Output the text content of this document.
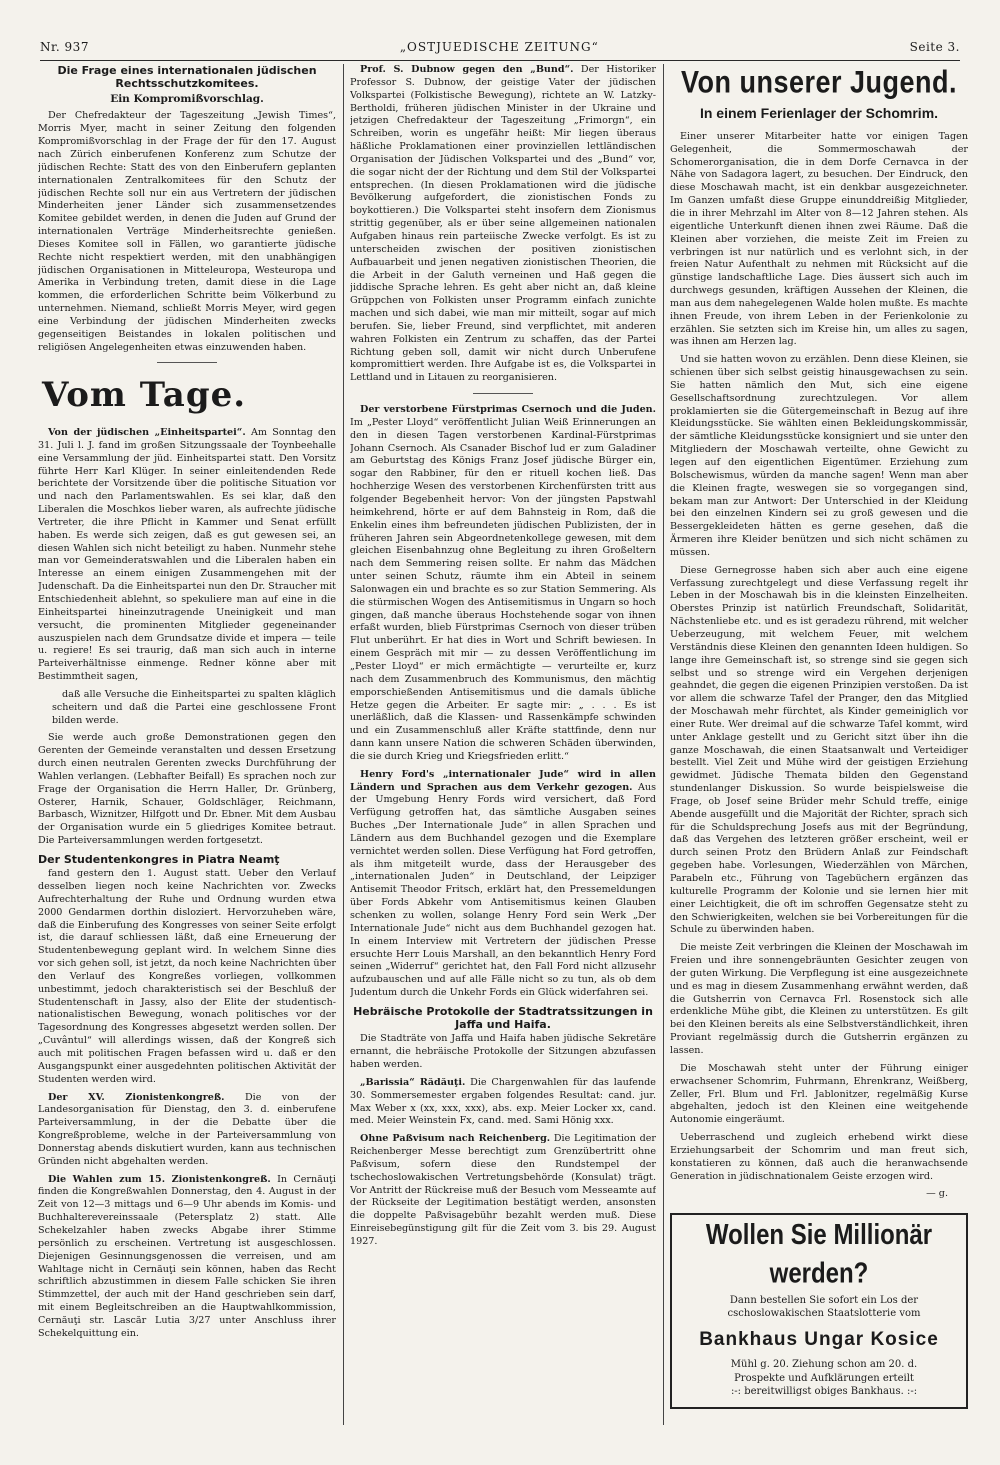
Nr. 937	„OSTJUEDISCHE ZEITUNG“	Seite 3.
Die Frage eines internationalen jüdischen Rechtsschutzkomitees.
Ein Kompromißvorschlag.

Der Chefredakteur der Tageszeitung „Jewish Times“, Morris Myer, macht in seiner Zeitung den folgenden Kompromißvorschlag in der Frage der für den 17. August nach Zürich einberufenen Konferenz zum Schutze der jüdischen Rechte: Statt des von den Einberufern geplanten internationalen Zentralkomitees für den Schutz der jüdischen Rechte soll nur ein aus Vertretern der jüdischen Minderheiten jener Länder sich zusammensetzendes Komitee gebildet werden, in denen die Juden auf Grund der internationalen Verträge Minderheitsrechte genießen. Dieses Komitee soll in Fällen, wo garantierte jüdische Rechte nicht respektiert werden, mit den unabhängigen jüdischen Organisationen in Mitteleuropa, Westeuropa und Amerika in Verbindung treten, damit diese in die Lage kommen, die erforderlichen Schritte beim Völkerbund zu unternehmen. Niemand, schließt Morris Meyer, wird gegen eine Verbindung der jüdischen Minderheiten zwecks gegenseitigen Beistandes in lokalen politischen und religiösen Angelegenheiten etwas einzuwenden haben.

Vom Tage.

Von der jüdischen „Einheitspartei“. Am Sonntag den 31. Juli l. J. fand im großen Sitzungssaale der Toynbeehalle eine Versammlung der jüd. Einheitspartei statt. Den Vorsitz führte Herr Karl Klüger. In seiner einleitendenden Rede berichtete der Vorsitzende über die politische Situation vor und nach den Parlamentswahlen. Es sei klar, daß den Liberalen die Moschkos lieber waren, als aufrechte jüdische Vertreter, die ihre Pflicht in Kammer und Senat erfüllt haben. Es werde sich zeigen, daß es gut gewesen sei, an diesen Wahlen sich nicht beteiligt zu haben. Nunmehr stehe man vor Gemeinderatswahlen und die Liberalen haben ein Interesse an einem einigen Zusammengehen mit der Judenschaft. Da die Einheitspartei nun den Dr. Straucher mit Entschiedenheit ablehnt, so spekuliere man auf eine in die Einheitspartei hineinzutragende Uneinigkeit und man versucht, die prominenten Mitglieder gegeneinander auszuspielen nach dem Grundsatze divide et impera — teile u. regiere! Es sei traurig, daß man sich auch in interne Parteiverhältnisse einmenge. Redner könne aber mit Bestimmtheit sagen,

daß alle Versuche die Einheitspartei zu spalten kläglich scheitern und daß die Partei eine geschlossene Front bilden werde.

Sie werde auch große Demonstrationen gegen den Gerenten der Gemeinde veranstalten und dessen Ersetzung durch einen neutralen Gerenten zwecks Durchführung der Wahlen verlangen. (Lebhafter Beifall) Es sprachen noch zur Frage der Organisation die Herrn Haller, Dr. Grünberg, Osterer, Harnik, Schauer, Goldschläger, Reichmann, Barbasch, Wiznitzer, Hilfgott und Dr. Ebner. Mit dem Ausbau der Organisation wurde ein 5 gliedriges Komitee betraut. Die Parteiversammlungen werden fortgesetzt.

Der Studentenkongres in Piatra Neamţ

fand gestern den 1. August statt. Ueber den Verlauf desselben liegen noch keine Nachrichten vor. Zwecks Aufrechterhaltung der Ruhe und Ordnung wurden etwa 2000 Gendarmen dorthin disloziert. Hervorzuheben wäre, daß die Einberufung des Kongresses von seiner Seite erfolgt ist, die darauf schliessen läßt, daß eine Erneuerung der Studentenbewegung geplant wird. In welchem Sinne dies vor sich gehen soll, ist jetzt, da noch keine Nachrichten über den Verlauf des Kongreßes vorliegen, vollkommen unbestimmt, jedoch charakteristisch sei der Beschluß der Studentenschaft in Jassy, also der Elite der studentisch-nationalistischen Bewegung, wonach politisches vor der Tagesordnung des Kongresses abgesetzt werden sollen. Der „Cuvântul“ will allerdings wissen, daß der Kongreß sich auch mit politischen Fragen befassen wird u. daß er den Ausgangspunkt einer ausgedehnten politischen Aktivität der Studenten werden wird.

Der XV. Zionistenkongreß. Die von der Landesorganisation für Dienstag, den 3. d. einberufene Parteiversammlung, in der die Debatte über die Kongreßprobleme, welche in der Parteiversammlung von Donnerstag abends diskutiert wurden, kann aus technischen Gründen nicht abgehalten werden.

Die Wahlen zum 15. Zionistenkongreß. In Cernăuţi finden die Kongreßwahlen Donnerstag, den 4. August in der Zeit von 12—3 mittags und 6—9 Uhr abends im Komis- und Buchhalterevereinssaale (Petersplatz 2) statt. Alle Schekelzahler haben zwecks Abgabe ihrer Stimme persönlich zu erscheinen. Vertretung ist ausgeschlossen. Diejenigen Gesinnungsgenossen die verreisen, und am Wahltage nicht in Cernăuţi sein können, haben das Recht schriftlich abzustimmen in diesem Falle schicken Sie ihren Stimmzettel, der auch mit der Hand geschrieben sein darf, mit einem Begleitschreiben an die Hauptwahlkommission, Cernăuţi str. Lascăr Lutia 3/27 unter Anschluss ihrer Schekelquittung ein.

Prof. S. Dubnow gegen den „Bund“. Der Historiker Professor S. Dubnow, der geistige Vater der jüdischen Volkspartei (Folkistische Bewegung), richtete an W. Latzky-Bertholdi, früheren jüdischen Minister in der Ukraine und jetzigen Chefredakteur der Tageszeitung „Frimorgn“, ein Schreiben, worin es ungefähr heißt: Mir liegen überaus häßliche Proklamationen einer provinziellen lettländischen Organisation der Jüdischen Volkspartei und des „Bund“ vor, die sogar nicht der der Richtung und dem Stil der Volkspartei entsprechen. (In diesen Proklamationen wird die jüdische Bevölkerung aufgefordert, die zionistischen Fonds zu boykottieren.) Die Volkspartei steht insofern dem Zionismus strittig gegenüber, als er über seine allgemeinen nationalen Aufgaben hinaus rein parteiische Zwecke verfolgt. Es ist zu unterscheiden zwischen der positiven zionistischen Aufbauarbeit und jenen negativen zionistischen Theorien, die die Arbeit in der Galuth verneinen und Haß gegen die jiddische Sprache lehren. Es geht aber nicht an, daß kleine Grüppchen von Folkisten unser Programm einfach zunichte machen und sich dabei, wie man mir mitteilt, sogar auf mich berufen. Sie, lieber Freund, sind verpflichtet, mit anderen wahren Folkisten ein Zentrum zu schaffen, das der Partei Richtung geben soll, damit wir nicht durch Unberufene kompromittiert werden. Ihre Aufgabe ist es, die Volkspartei in Lettland und in Litauen zu reorganisieren.

Der verstorbene Fürstprimas Csernoch und die Juden. Im „Pester Lloyd“ veröffentlicht Julian Weiß Erinnerungen an den in diesen Tagen verstorbenen Kardinal-Fürstprimas Johann Csernoch. Als Csanader Bischof lud er zum Galadiner am Geburtstag des Königs Franz Josef jüdische Bürger ein, sogar den Rabbiner, für den er rituell kochen ließ. Das hochherzige Wesen des verstorbenen Kirchenfürsten tritt aus folgender Begebenheit hervor: Von der jüngsten Papstwahl heimkehrend, hörte er auf dem Bahnsteig in Rom, daß die Enkelin eines ihm befreundeten jüdischen Publizisten, der in früheren Jahren sein Abgeordnetenkollege gewesen, mit dem gleichen Eisenbahnzug ohne Begleitung zu ihren Großeltern nach dem Semmering reisen sollte. Er nahm das Mädchen unter seinen Schutz, räumte ihm ein Abteil in seinem Salonwagen ein und brachte es so zur Station Semmering. Als die stürmischen Wogen des Antisemitismus in Ungarn so hoch gingen, daß manche überaus Hochstehende sogar von ihnen erfaßt wurden, blieb Fürstprimas Csernoch von dieser trüben Flut unberührt. Er hat dies in Wort und Schrift bewiesen. In einem Gespräch mit mir — zu dessen Veröffentlichung im „Pester Lloyd“ er mich ermächtigte — verurteilte er, kurz nach dem Zusammenbruch des Kommunismus, den mächtig emporschießenden Antisemitismus und die damals übliche Hetze gegen die Arbeiter. Er sagte mir: „ . . . Es ist unerläßlich, daß die Klassen- und Rassenkämpfe schwinden und ein Zusammenschluß aller Kräfte stattfinde, denn nur dann kann unsere Nation die schweren Schäden überwinden, die sie durch Krieg und Kriegsfrieden erlitt.“

Henry Ford's „internationaler Jude“ wird in allen Ländern und Sprachen aus dem Verkehr gezogen. Aus der Umgebung Henry Fords wird versichert, daß Ford Verfügung getroffen hat, das sämtliche Ausgaben seines Buches „Der Internationale Jude“ in allen Sprachen und Ländern aus dem Buchhandel gezogen und die Exemplare vernichtet werden sollen. Diese Verfügung hat Ford getroffen, als ihm mitgeteilt wurde, dass der Herausgeber des „internationalen Juden“ in Deutschland, der Leipziger Antisemit Theodor Fritsch, erklärt hat, den Pressemeldungen über Fords Abkehr vom Antisemitismus keinen Glauben schenken zu wollen, solange Henry Ford sein Werk „Der Internationale Jude“ nicht aus dem Buchhandel gezogen hat. In einem Interview mit Vertretern der jüdischen Presse ersuchte Herr Louis Marshall, an den bekanntlich Henry Ford seinen „Widerruf“ gerichtet hat, den Fall Ford nicht allzusehr aufzubauschen und auf alle Fälle nicht so zu tun, als ob dem Judentum durch die Unkehr Fords ein Glück widerfahren sei.

Hebräische Protokolle der Stadtratssitzungen in Jaffa und Haifa.

Die Stadträte von Jaffa und Haifa haben jüdische Sekretäre ernannt, die hebräische Protokolle der Sitzungen abzufassen haben werden.

„Barissia“ Rădăuţi. Die Chargenwahlen für das laufende 30. Sommersemester ergaben folgendes Resultat: cand. jur. Max Weber x (xx, xxx, xxx), abs. exp. Meier Locker xx, cand. med. Meier Weinstein Fx, cand. med. Sami Hönig xxx.

Ohne Paßvisum nach Reichenberg. Die Legitimation der Reichenberger Messe berechtigt zum Grenzübertritt ohne Paßvisum, sofern diese den Rundstempel der tschechoslowakischen Vertretungsbehörde (Konsulat) trägt. Vor Antritt der Rückreise muß der Besuch vom Messeamte auf der Rückseite der Legitimation bestätigt werden, ansonsten die doppelte Paßvisagebühr bezahlt werden muß. Diese Einreisebegünstigung gilt für die Zeit vom 3. bis 29. August 1927.

Von unserer Jugend.
In einem Ferienlager der Schomrim.

Einer unserer Mitarbeiter hatte vor einigen Tagen Gelegenheit, die Sommermoschawah der Schomerorganisation, die in dem Dorfe Cernavca in der Nähe von Sadagora lagert, zu besuchen. Der Eindruck, den diese Moschawah macht, ist ein denkbar ausgezeichneter. Im Ganzen umfaßt diese Gruppe einunddreißig Mitglieder, die in ihrer Mehrzahl im Alter von 8—12 Jahren stehen. Als eigentliche Unterkunft dienen ihnen zwei Räume. Daß die Kleinen aber vorziehen, die meiste Zeit im Freien zu verbringen ist nur natürlich und es verlohnt sich, in der freien Natur Aufenthalt zu nehmen mit Rücksicht auf die günstige landschaftliche Lage. Dies äussert sich auch im durchwegs gesunden, kräftigen Aussehen der Kleinen, die man aus dem nahegelegenen Walde holen mußte. Es machte ihnen Freude, von ihrem Leben in der Ferienkolonie zu erzählen. Sie setzten sich im Kreise hin, um alles zu sagen, was ihnen am Herzen lag.

Und sie hatten wovon zu erzählen. Denn diese Kleinen, sie schienen über sich selbst geistig hinausgewachsen zu sein. Sie hatten nämlich den Mut, sich eine eigene Gesellschaftsordnung zurechtzulegen. Vor allem proklamierten sie die Gütergemeinschaft in Bezug auf ihre Kleidungsstücke. Sie wählten einen Bekleidungskommissär, der sämtliche Kleidungsstücke konsigniert und sie unter den Mitgliedern der Moschawah verteilte, ohne Gewicht zu legen auf den eigentlichen Eigentümer. Erziehung zum Bolschewismus, würden da manche sagen! Wenn man aber die Kleinen fragte, weswegen sie so vorgegangen sind, bekam man zur Antwort: Der Unterschied in der Kleidung bei den einzelnen Kindern sei zu groß gewesen und die Bessergekleideten hätten es gerne gesehen, daß die Ärmeren ihre Kleider benützen und sich nicht schämen zu müssen.

Diese Gernegrosse haben sich aber auch eine eigene Verfassung zurechtgelegt und diese Verfassung regelt ihr Leben in der Moschawah bis in die kleinsten Einzelheiten. Oberstes Prinzip ist natürlich Freundschaft, Solidarität, Nächstenliebe etc. und es ist geradezu rührend, mit welcher Ueberzeugung, mit welchem Feuer, mit welchem Verständnis diese Kleinen den genannten Ideen huldigen. So lange ihre Gemeinschaft ist, so strenge sind sie gegen sich selbst und so strenge wird ein Vergehen derjenigen geahndet, die gegen die eigenen Prinzipien verstoßen. Da ist vor allem die schwarze Tafel der Pranger, den das Mitglied der Moschawah mehr fürchtet, als Kinder gemeiniglich vor einer Rute. Wer dreimal auf die schwarze Tafel kommt, wird unter Anklage gestellt und zu Gericht sitzt über ihn die ganze Moschawah, die einen Staatsanwalt und Verteidiger bestellt. Viel Zeit und Mühe wird der geistigen Erziehung gewidmet. Jüdische Themata bilden den Gegenstand stundenlanger Diskussion. So wurde beispielsweise die Frage, ob Josef seine Brüder mehr Schuld treffe, einige Abende ausgefüllt und die Majorität der Richter, sprach sich für die Schuldsprechung Josefs aus mit der Begründung, daß das Vergehen des letzteren größer erscheint, weil er durch seinen Protz den Brüdern Anlaß zur Feindschaft gegeben habe. Vorlesungen, Wiederzählen von Märchen, Parabeln etc., Führung von Tagebüchern ergänzen das kulturelle Programm der Kolonie und sie lernen hier mit einer Leichtigkeit, die oft im schroffen Gegensatze steht zu den Schwierigkeiten, welchen sie bei Vorbereitungen für die Schule zu überwinden haben.

Die meiste Zeit verbringen die Kleinen der Moschawah im Freien und ihre sonnengebräunten Gesichter zeugen von der guten Wirkung. Die Verpflegung ist eine ausgezeichnete und es mag in diesem Zusammenhang erwähnt werden, daß die Gutsherrin von Cernavca Frl. Rosenstock sich alle erdenkliche Mühe gibt, die Kleinen zu unterstützen. Es gilt bei den Kleinen bereits als eine Selbstverständlichkeit, ihren Proviant regelmässig durch die Gutsherrin ergänzen zu lassen.

Die Moschawah steht unter der Führung einiger erwachsener Schomrim, Fuhrmann, Ehrenkranz, Weißberg, Zeller, Frl. Blum und Frl. Jablonitzer, regelmäßig Kurse abgehalten, jedoch ist den Kleinen eine weitgehende Autonomie eingeräumt.

Ueberraschend und zugleich erhebend wirkt diese Erziehungsarbeit der Schomrim und man freut sich, konstatieren zu können, daß auch die heranwachsende Generation in jüdischnationalem Geiste erzogen wird.

— g.
Wollen Sie Millionär werden?

Dann bestellen Sie sofort ein Los der

cschoslowakischen Staatslotterie vom

Bankhaus Ungar Kosice

Mühl g. 20. Ziehung schon am 20. d.

Prospekte und Aufklärungen erteilt

:-: bereitwilligst obiges Bankhaus. :-:
